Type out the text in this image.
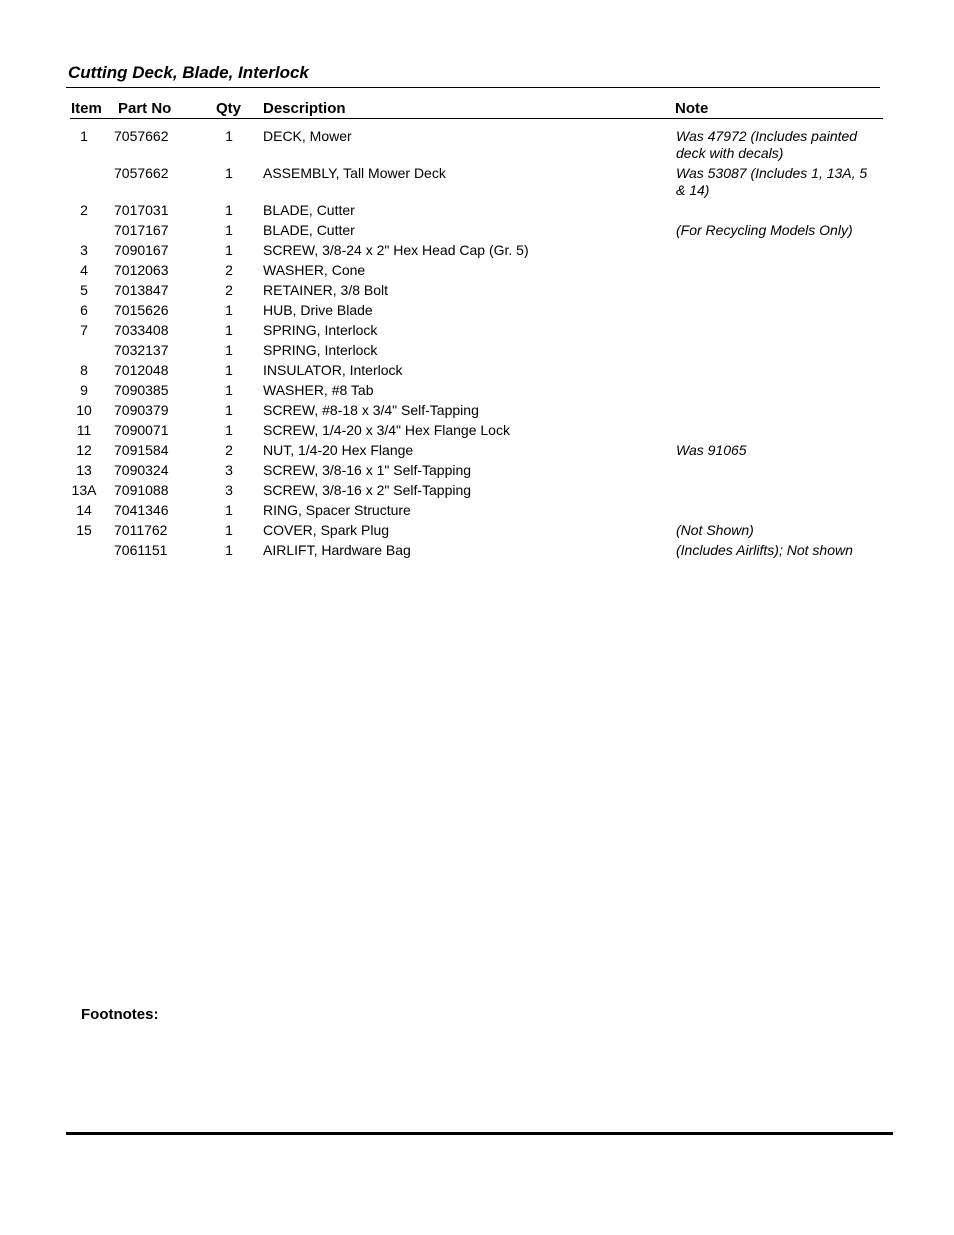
Cutting Deck, Blade, Interlock
Item Part No	Qty Description	Note
1	7057662	1	DECK, Mower	Was 47972 (Includes painted deck with decals)
7057662	1	ASSEMBLY, Tall Mower Deck	Was 53087 (Includes 1, 13A, 5 & 14)
2	7017031	1	BLADE, Cutter
7017167	1	BLADE, Cutter	(For Recycling Models Only)
3	7090167	1	SCREW, 3/8-24 x 2" Hex Head Cap (Gr. 5)
4	7012063	2	WASHER, Cone
5	7013847	2	RETAINER, 3/8 Bolt
6	7015626	1	HUB, Drive Blade
7	7033408	1	SPRING, Interlock
7032137	1	SPRING, Interlock
8	7012048	1	INSULATOR, Interlock
9	7090385	1	WASHER, #8 Tab
10	7090379	1	SCREW, #8-18 x 3/4" Self-Tapping
11	7090071	1	SCREW, 1/4-20 x 3/4" Hex Flange Lock
12	7091584	2	NUT, 1/4-20 Hex Flange	Was 91065
13	7090324	3	SCREW, 3/8-16 x 1" Self-Tapping
13A 7091088	3	SCREW, 3/8-16 x 2" Self-Tapping
14	7041346	1	RING, Spacer Structure
15	7011762	1	COVER, Spark Plug	(Not Shown)
7061151	1	AIRLIFT, Hardware Bag	(Includes Airlifts); Not shown
Footnotes:
